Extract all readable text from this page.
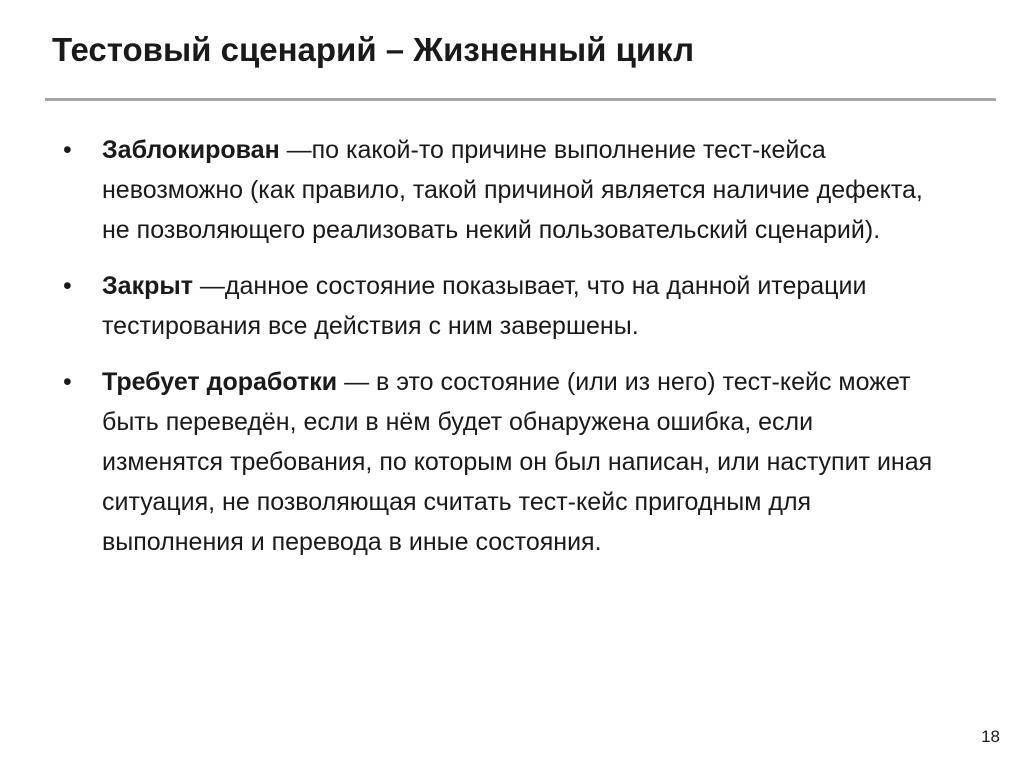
Тестовый сценарий – Жизненный цикл
•	Заблокирован —по какой-то причине выполнение тест-кейса невозможно (как правило, такой причиной является наличие дефекта, не позволяющего реализовать некий пользовательский сценарий).
•	Закрыт —данное состояние показывает, что на данной итерации тестирования все действия с ним завершены.
•	Требует доработки — в это состояние (или из него) тест-кейс может быть переведён, если в нём будет обнаружена ошибка, если изменятся требования, по которым он был написан, или наступит иная ситуация, не позволяющая считать тест-кейс пригодным для выполнения и перевода в иные состояния.
18
